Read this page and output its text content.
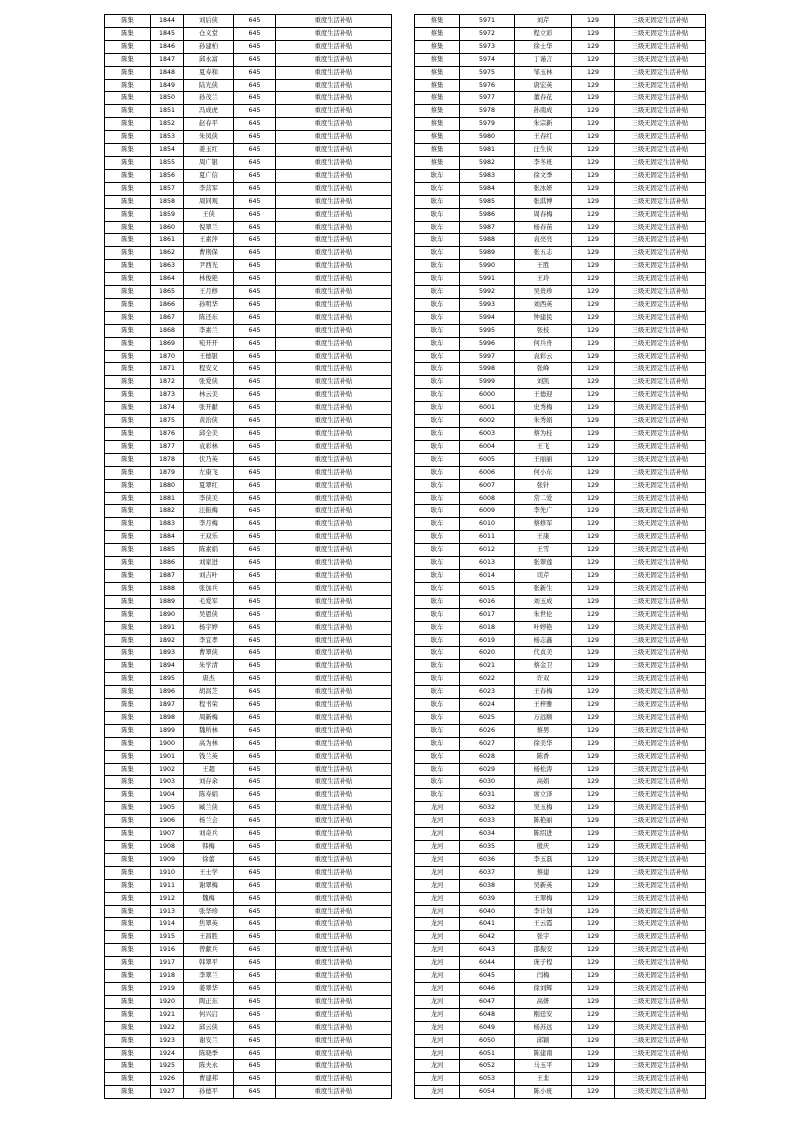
陈集	1844	刘后侠	645	重度生活补贴
陈集	1845	仓义堂	645	重度生活补贴
陈集	1846	孙建柏	645	重度生活补贴
陈集	1847	邱永富	645	重度生活补贴
陈集	1848	夏寿和	645	重度生活补贴
陈集	1849	陆光侠	645	重度生活补贴
陈集	1850	孙茂兰	645	重度生活补贴
陈集	1851	冯成虎	645	重度生活补贴
陈集	1852	赵春平	645	重度生活补贴
陈集	1853	朱凤侠	645	重度生活补贴
陈集	1854	姜玉红	645	重度生活补贴
陈集	1855	周广银	645	重度生活补贴
陈集	1856	夏广信	645	重度生活补贴
陈集	1857	李营军	645	重度生活补贴
陈集	1858	周同观	645	重度生活补贴
陈集	1859	王侠	645	重度生活补贴
陈集	1860	倪翠兰	645	重度生活补贴
陈集	1861	王素萍	645	重度生活补贴
陈集	1862	曹則保	645	重度生活补贴
陈集	1863	尹西光	645	重度生活补贴
陈集	1864	林俊艳	645	重度生活补贴
陈集	1865	王月修	645	重度生活补贴
陈集	1866	孙明华	645	重度生活补贴
陈集	1867	陈还东	645	重度生活补贴
陈集	1868	李素兰	645	重度生活补贴
陈集	1869	宛开开	645	重度生活补贴
陈集	1870	王德银	645	重度生活补贴
陈集	1871	程安义	645	重度生活补贴
陈集	1872	张爱侠	645	重度生活补贴
陈集	1873	林云美	645	重度生活补贴
陈集	1874	张开献	645	重度生活补贴
陈集	1875	黄治侠	645	重度生活补贴
陈集	1876	邱全美	645	重度生活补贴
陈集	1877	袁彩林	645	重度生活补贴
陈集	1878	伏乃英	645	重度生活补贴
陈集	1879	左康飞	645	重度生活补贴
陈集	1880	夏翠红	645	重度生活补贴
陈集	1881	李侠美	645	重度生活补贴
陈集	1882	汪振梅	645	重度生活补贴
陈集	1883	李月梅	645	重度生活补贴
陈集	1884	王双乐	645	重度生活补贴
陈集	1885	陈素娟	645	重度生活补贴
陈集	1886	刘家进	645	重度生活补贴
陈集	1887	刘吉叶	645	重度生活补贴
陈集	1888	张加兵	645	重度生活补贴
陈集	1889	毛爱军	645	重度生活补贴
陈集	1890	吴恩侠	645	重度生活补贴
陈集	1891	杨宇婷	645	重度生活补贴
陈集	1892	李宜孝	645	重度生活补贴
陈集	1893	曹翠侠	645	重度生活补贴
陈集	1894	朱学清	645	重度生活补贴
陈集	1895	唐杰	645	重度生活补贴
陈集	1896	胡昌芝	645	重度生活补贴
陈集	1897	程书荣	645	重度生活补贴
陈集	1898	周新梅	645	重度生活补贴
陈集	1899	魏所林	645	重度生活补贴
陈集	1900	高为林	645	重度生活补贴
陈集	1901	钱兰英	645	重度生活补贴
陈集	1902	王超	645	重度生活补贴
陈集	1903	刘存余	645	重度生活补贴
陈集	1904	陈寿娟	645	重度生活补贴
陈集	1905	臧兰侠	645	重度生活补贴
陈集	1906	杨兰会	645	重度生活补贴
陈集	1907	刘奇兵	645	重度生活补贴
陈集	1908	韩梅	645	重度生活补贴
陈集	1909	徐蕾	645	重度生活补贴
陈集	1910	王士学	645	重度生活补贴
陈集	1911	谢翠梅	645	重度生活补贴
陈集	1912	魏梅	645	重度生活补贴
陈集	1913	张华珍	645	重度生活补贴
陈集	1914	焦翠英	645	重度生活补贴
陈集	1915	王昌胜	645	重度生活补贴
陈集	1916	曾献兵	645	重度生活补贴
陈集	1917	韩翠平	645	重度生活补贴
陈集	1918	李翠兰	645	重度生活补贴
陈集	1919	姜翠华	645	重度生活补贴
陈集	1920	陶正东	645	重度生活补贴
陈集	1921	何兴启	645	重度生活补贴
陈集	1922	邱云侠	645	重度生活补贴
陈集	1923	谢安兰	645	重度生活补贴
陈集	1924	陈晓季	645	重度生活补贴
陈集	1925	陈夫永	645	重度生活补贴
陈集	1926	曹建邦	645	重度生活补贴
陈集	1927	孙德平	645	重度生活补贴
蔡集	5971	刘芹	129	三级无固定生活补贴
蔡集	5972	程立彩	129	三级无固定生活补贴
蔡集	5973	徐士华	129	三级无固定生活补贴
蔡集	5974	丁谨言	129	三级无固定生活补贴
蔡集	5975	邹玉林	129	三级无固定生活补贴
蔡集	5976	唐宏英	129	三级无固定生活补贴
蔡集	5977	董春花	129	三级无固定生活补贴
蔡集	5978	孙南成	129	三级无固定生活补贴
蔡集	5979	朱宗新	129	三级无固定生活补贴
蔡集	5980	王春红	129	三级无固定生活补贴
蔡集	5981	汪生侠	129	三级无固定生活补贴
蔡集	5982	李冬班	129	三级无固定生活补贴
耿车	5983	徐文季	129	三级无固定生活补贴
耿车	5984	张冰妍	129	三级无固定生活补贴
耿车	5985	张淇博	129	三级无固定生活补贴
耿车	5986	周春梅	129	三级无固定生活补贴
耿车	5987	杨春苗	129	三级无固定生活补贴
耿车	5988	袁亮亮	129	三级无固定生活补贴
耿车	5989	张五志	129	三级无固定生活补贴
耿车	5990	王胜	129	三级无固定生活补贴
耿车	5991	王玲	129	三级无固定生活补贴
耿车	5992	吴贵珍	129	三级无固定生活补贴
耿车	5993	刘西英	129	三级无固定生活补贴
耿车	5994	钟建民	129	三级无固定生活补贴
耿车	5995	张枝	129	三级无固定生活补贴
耿车	5996	何兵舟	129	三级无固定生活补贴
耿车	5997	袁彩云	129	三级无固定生活补贴
耿车	5998	张峰	129	三级无固定生活补贴
耿车	5999	刘凯	129	三级无固定生活补贴
耿车	6000	王德迎	129	三级无固定生活补贴
耿车	6001	史秀梅	129	三级无固定生活补贴
耿车	6002	朱秀娟	129	三级无固定生活补贴
耿车	6003	蔡为桂	129	三级无固定生活补贴
耿车	6004	王飞	129	三级无固定生活补贴
耿车	6005	王丽丽	129	三级无固定生活补贴
耿车	6006	何小东	129	三级无固定生活补贴
耿车	6007	张针	129	三级无固定生活补贴
耿车	6008	常二爱	129	三级无固定生活补贴
耿车	6009	李先广	129	三级无固定生活补贴
耿车	6010	蔡修军	129	三级无固定生活补贴
耿车	6011	王康	129	三级无固定生活补贴
耿车	6012	王雪	129	三级无固定生活补贴
耿车	6013	张翠莲	129	三级无固定生活补贴
耿车	6014	司芹	129	三级无固定生活补贴
耿车	6015	张新生	129	三级无固定生活补贴
耿车	6016	刘玉成	129	三级无固定生活补贴
耿车	6017	朱世伦	129	三级无固定生活补贴
耿车	6018	叶婷艳	129	三级无固定生活补贴
耿车	6019	杨志鑫	129	三级无固定生活补贴
耿车	6020	代贞美	129	三级无固定生活补贴
耿车	6021	蔡金卫	129	三级无固定生活补贴
耿车	6022	许双	129	三级无固定生活补贴
耿车	6023	王春梅	129	三级无固定生活补贴
耿车	6024	王梓雅	129	三级无固定生活补贴
耿车	6025	万远顺	129	三级无固定生活补贴
耿车	6026	蔡男	129	三级无固定生活补贴
耿车	6027	徐美华	129	三级无固定生活补贴
耿车	6028	陈香	129	三级无固定生活补贴
耿车	6029	杨松涛	129	三级无固定生活补贴
耿车	6030	高娟	129	三级无固定生活补贴
耿车	6031	席立泽	129	三级无固定生活补贴
龙河	6032	吴玉梅	129	三级无固定生活补贴
龙河	6033	陈艳丽	129	三级无固定生活补贴
龙河	6034	陈绍进	129	三级无固定生活补贴
龙河	6035	殷庆	129	三级无固定生活补贴
龙河	6036	李玉磊	129	三级无固定生活补贴
龙河	6037	蔡建	129	三级无固定生活补贴
龙河	6038	吴新英	129	三级无固定生活补贴
龙河	6039	王翠梅	129	三级无固定生活补贴
龙河	6040	李计划	129	三级无固定生活补贴
龙河	6041	王云霞	129	三级无固定生活补贴
龙河	6042	张宇	129	三级无固定生活补贴
龙河	6043	邵振安	129	三级无固定生活补贴
龙河	6044	庞子程	129	三级无固定生活补贴
龙河	6045	闫梅	129	三级无固定生活补贴
龙河	6046	徐刘辉	129	三级无固定生活补贴
龙河	6047	高妍	129	三级无固定生活补贴
龙河	6048	刚廷安	129	三级无固定生活补贴
龙河	6049	杨苏远	129	三级无固定生活补贴
龙河	6050	邱颖	129	三级无固定生活补贴
龙河	6051	陈建南	129	三级无固定生活补贴
龙河	6052	马玉平	129	三级无固定生活补贴
龙河	6053	王韭	129	三级无固定生活补贴
龙河	6054	陈小班	129	三级无固定生活补贴
